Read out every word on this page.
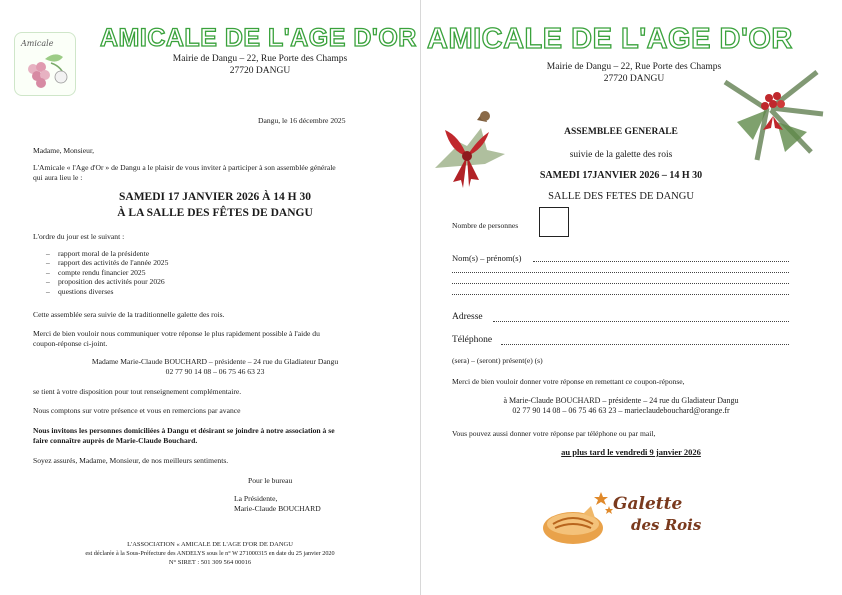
Amicale AMICALE DE L'AGE D'OR
Mairie de Dangu – 22, Rue Porte des Champs
27720 DANGU
Dangu, le 16 décembre 2025
Madame, Monsieur,
L'Amicale « l'Age d'Or » de Dangu a le plaisir de vous inviter à participer à son assemblée générale
qui aura lieu le :
SAMEDI 17 JANVIER 2026 À 14 H 30
À LA SALLE DES FÊTES DE DANGU
L'ordre du jour est le suivant :
– rapport moral de la présidente
– rapport des activités de l'année 2025
– compte rendu financier 2025
– proposition des activités pour 2026
– questions diverses
Cette assemblée sera suivie de la traditionnelle galette des rois.
Merci de bien vouloir nous communiquer votre réponse le plus rapidement possible à l'aide du
coupon-réponse ci-joint.
Madame Marie-Claude BOUCHARD – présidente – 24 rue du Gladiateur Dangu
02 77 90 14 08 – 06 75 46 63 23
se tient à votre disposition pour tout renseignement complémentaire.
Nous comptons sur votre présence et vous en remercions par avance
Nous invitons les personnes domiciliées à Dangu et désirant se joindre à notre association à se
faire connaître auprès de Marie-Claude Bouchard.
Soyez assurés, Madame, Monsieur, de nos meilleurs sentiments.
Pour le bureau
La Présidente,
Marie-Claude BOUCHARD
L'ASSOCIATION « AMICALE DE L'AGE D'OR DE DANGU
est déclarée à la Sous-Préfecture des ANDELYS sous le n° W 271000315 en date du 25 janvier 2020
N° SIRET : 501 309 564 00016
AMICALE DE L'AGE D'OR
Mairie de Dangu – 22, Rue Porte des Champs
27720 DANGU
ASSEMBLEE GENERALE
suivie de la galette des rois
SAMEDI 17JANVIER 2026 – 14 H 30
SALLE DES FETES DE DANGU
Nombre de personnes
Nom(s) – prénom(s)
Adresse
Téléphone
(sera) – (seront) présent(e) (s)
Merci de bien vouloir donner votre réponse en remettant ce coupon-réponse,
à Marie-Claude BOUCHARD – présidente – 24 rue du Gladiateur Dangu
02 77 90 14 08 – 06 75 46 63 23 – marieclaudebouchard@orange.fr
Vous pouvez aussi donner votre réponse par téléphone ou par mail,
au plus tard le vendredi 9 janvier 2026
Galette
des Rois
